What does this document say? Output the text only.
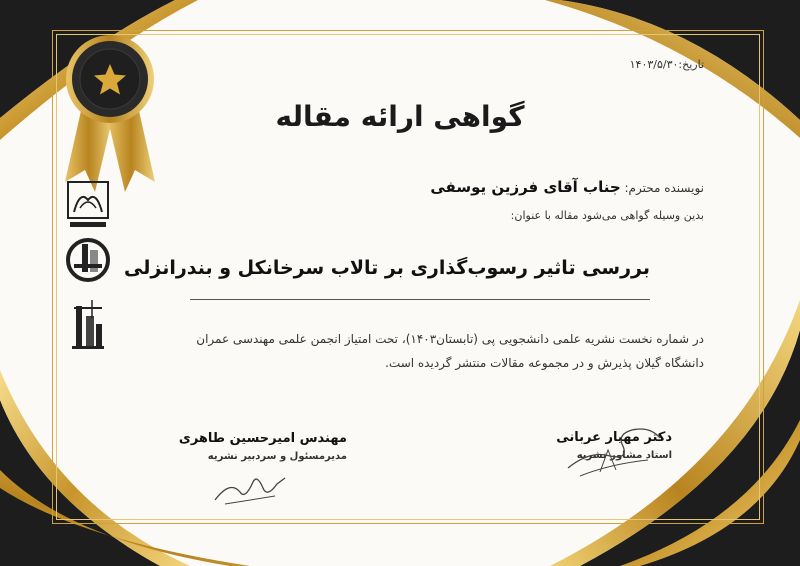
تاریخ:۱۴۰۳/۵/۳۰
گواهی ارائه مقاله
نویسنده محترم: جناب آقای فرزین یوسفی
بدین وسیله گواهی می‌شود مقاله با عنوان:
بررسی تاثیر رسوب‌گذاری بر تالاب سرخانکل و بندرانزلی
در شماره نخست نشریه علمی دانشجویی پی (تابستان۱۴۰۳)، تحت امتیاز انجمن علمی مهندسی عمران
دانشگاه گیلان پذیرش و در مجموعه مقالات منتشر گردیده است.
مهندس امیرحسین طاهری
مدیرمسئول و سردبیر نشریه
دکتر مهیار عربانی
استاد مشاور نشریه
